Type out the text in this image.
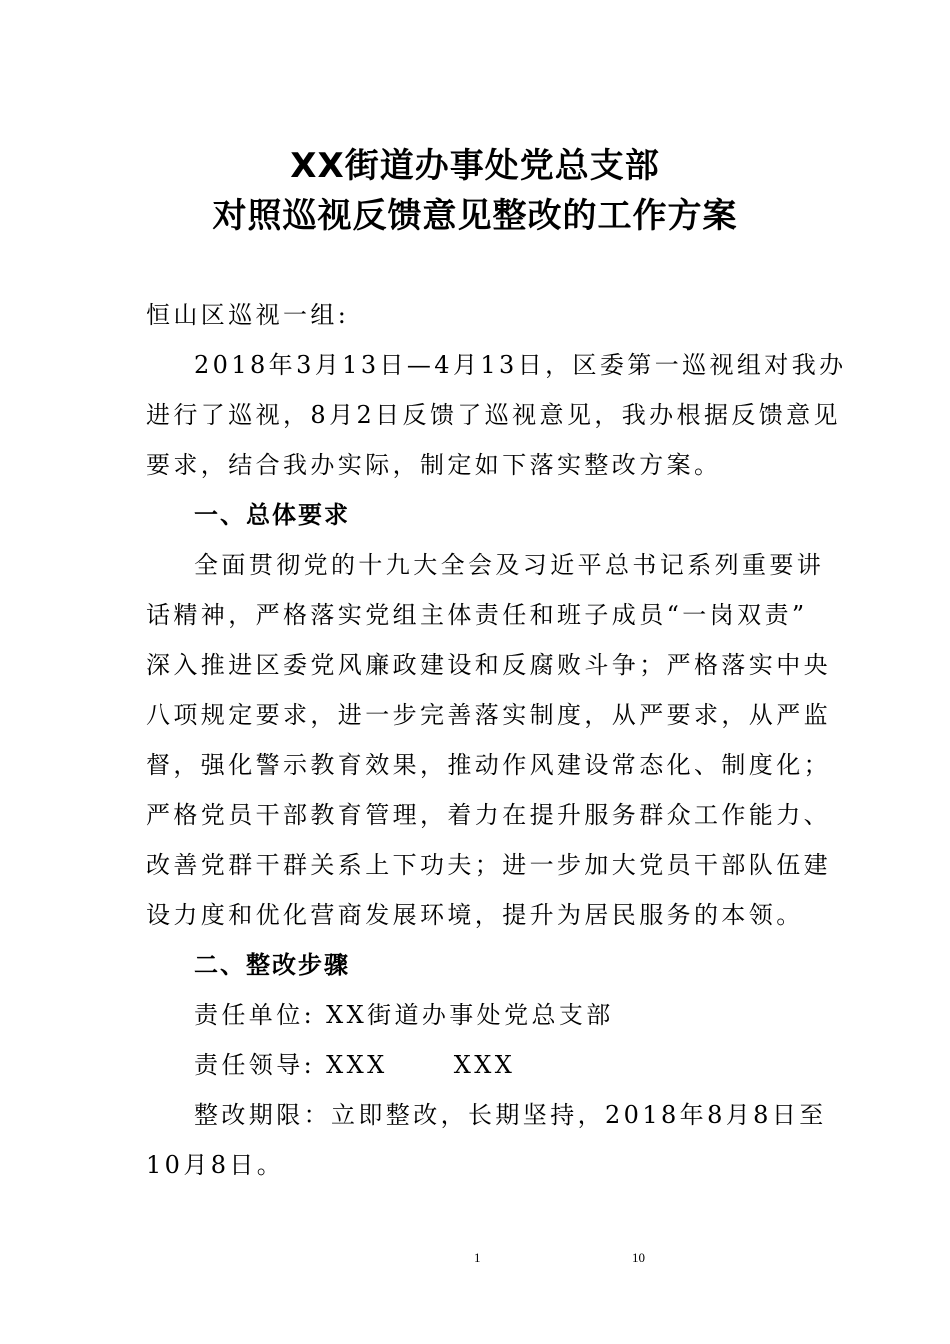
XX街道办事处党总支部
对照巡视反馈意见整改的工作方案

恒山区巡视一组:

2018年3月13日—4月13日，区委第一巡视组对我办

进行了巡视，8月2日反馈了巡视意见，我办根据反馈意见

要求，结合我办实际，制定如下落实整改方案。

一、总体要求

全面贯彻党的十九大全会及习近平总书记系列重要讲

话精神，严格落实党组主体责任和班子成员“一岗双责”

深入推进区委党风廉政建设和反腐败斗争；严格落实中央

八项规定要求，进一步完善落实制度，从严要求，从严监

督，强化警示教育效果，推动作风建设常态化、制度化；

严格党员干部教育管理，着力在提升服务群众工作能力、

改善党群干群关系上下功夫；进一步加大党员干部队伍建

设力度和优化营商发展环境，提升为居民服务的本领。

二、整改步骤

责任单位: XX街道办事处党总支部

责任领导: XXX      XXX

整改期限：立即整改，长期坚持，2018年8月8日至

10月8日。

1	10
